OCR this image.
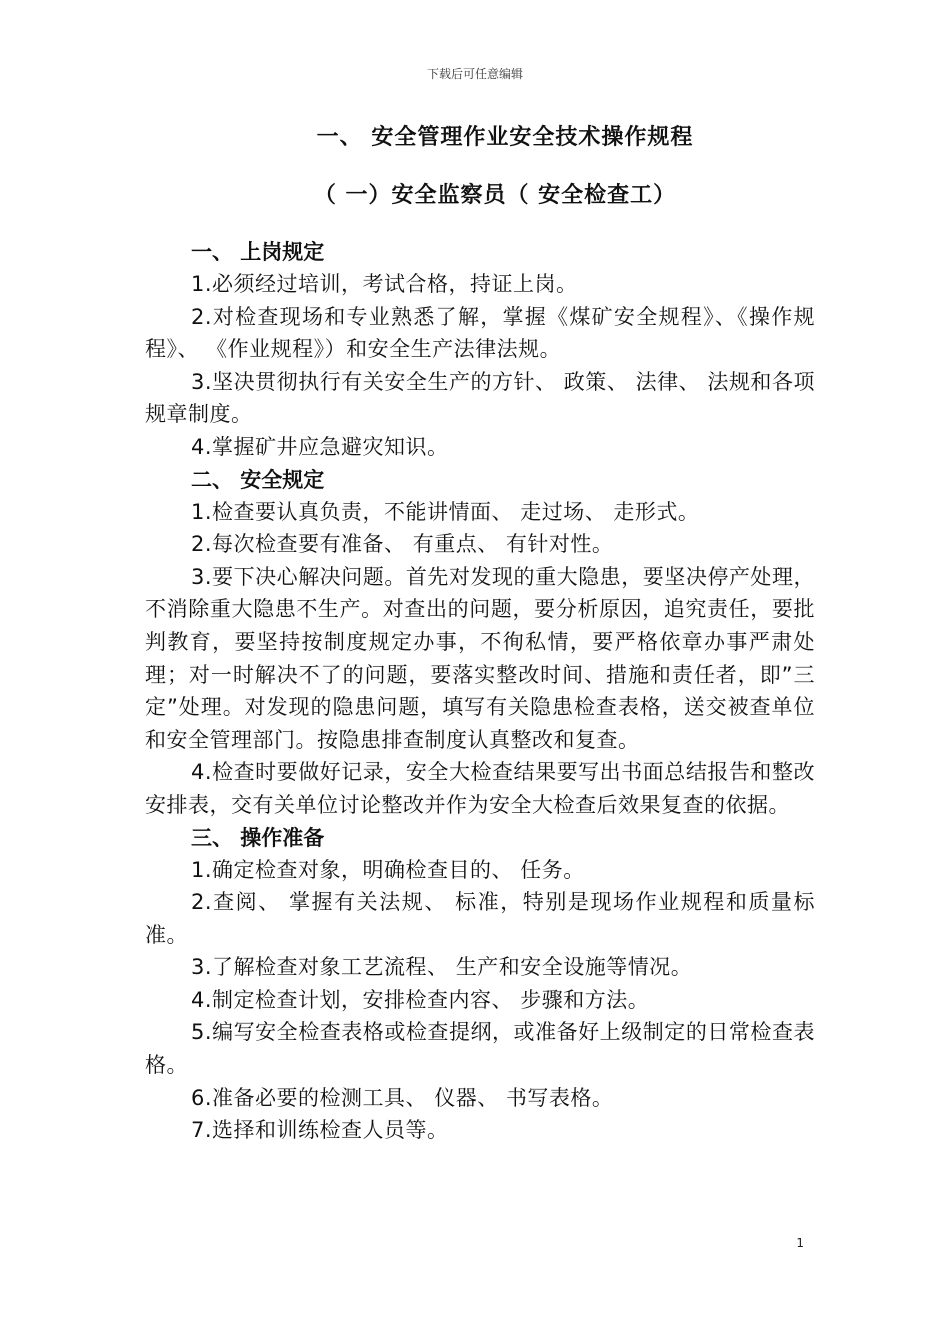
下载后可任意编辑
一、 安全管理作业安全技术操作规程
（ 一）安全监察员（ 安全检查工）
一、 上岗规定
1.必须经过培训，考试合格，持证上岗。
2.对检查现场和专业熟悉了解，掌握《煤矿安全规程》、《操作规程》、 《作业规程》）和安全生产法律法规。
3.坚决贯彻执行有关安全生产的方针、 政策、 法律、 法规和各项规章制度。
4.掌握矿井应急避灾知识。
二、 安全规定
1.检查要认真负责，不能讲情面、 走过场、 走形式。
2.每次检查要有准备、 有重点、 有针对性。
3.要下决心解决问题。首先对发现的重大隐患，要坚决停产处理，不消除重大隐患不生产。对查出的问题，要分析原因，追究责任，要批判教育，要坚持按制度规定办事，不徇私情，要严格依章办事严肃处理；对一时解决不了的问题，要落实整改时间、措施和责任者，即”三定”处理。对发现的隐患问题，填写有关隐患检查表格，送交被查单位和安全管理部门。按隐患排查制度认真整改和复查。
4.检查时要做好记录，安全大检查结果要写出书面总结报告和整改安排表，交有关单位讨论整改并作为安全大检查后效果复查的依据。
三、 操作准备
1.确定检查对象，明确检查目的、 任务。
2.查阅、 掌握有关法规、 标准，特别是现场作业规程和质量标准。
3.了解检查对象工艺流程、 生产和安全设施等情况。
4.制定检查计划，安排检查内容、 步骤和方法。
5.编写安全检查表格或检查提纲，或准备好上级制定的日常检查表格。
6.准备必要的检测工具、 仪器、 书写表格。
7.选择和训练检查人员等。
1
